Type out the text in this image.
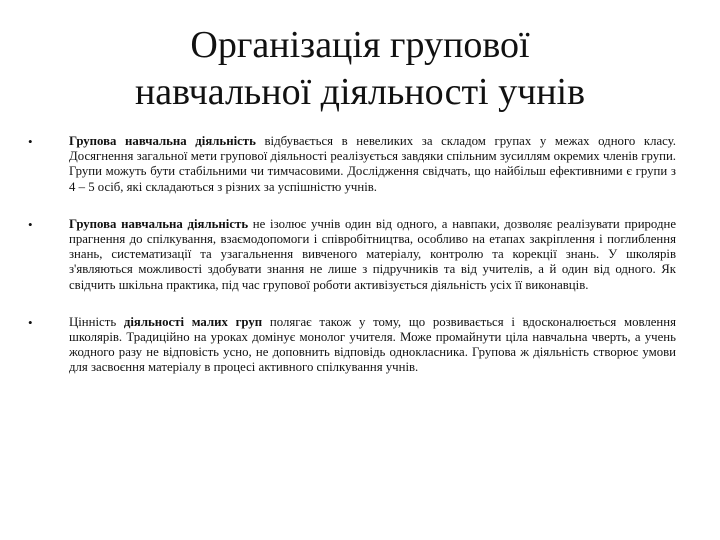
Організація групової
навчальної діяльності учнів
•	Групова навчальна діяльність відбувається в невеликих за складом групах у межах одного класу. Досягнення загальної мети групової діяльності реалізується завдяки спільним зусиллям окремих членів групи. Групи можуть бути стабільними чи тимчасовими. Дослідження свідчать, що найбільш ефективними є групи з 4 – 5 осіб, які складаються з різних за успішністю учнів.
•	Групова навчальна діяльність не ізолює учнів один від одного, а навпаки, дозволяє реалізувати природне прагнення до спілкування, взаємодопомоги і співробітництва, особливо на етапах закріплення і поглиблення знань, систематизації та узагальнення вивченого матеріалу, контролю та корекції знань. У школярів з'являються можливості здобувати знання не лише з підручників та від учителів, а й один від одного. Як свідчить шкільна практика, під час групової роботи активізується діяльність усіх її виконавців.
•	Цінність діяльності малих груп полягає також у тому, що розвивається і вдосконалюється мовлення школярів. Традиційно на уроках домінує монолог учителя. Може промайнути ціла навчальна чверть, а учень жодного разу не відповість усно, не доповнить відповідь однокласника. Групова ж діяльність створює умови для засвоєння матеріалу в процесі активного спілкування учнів.
